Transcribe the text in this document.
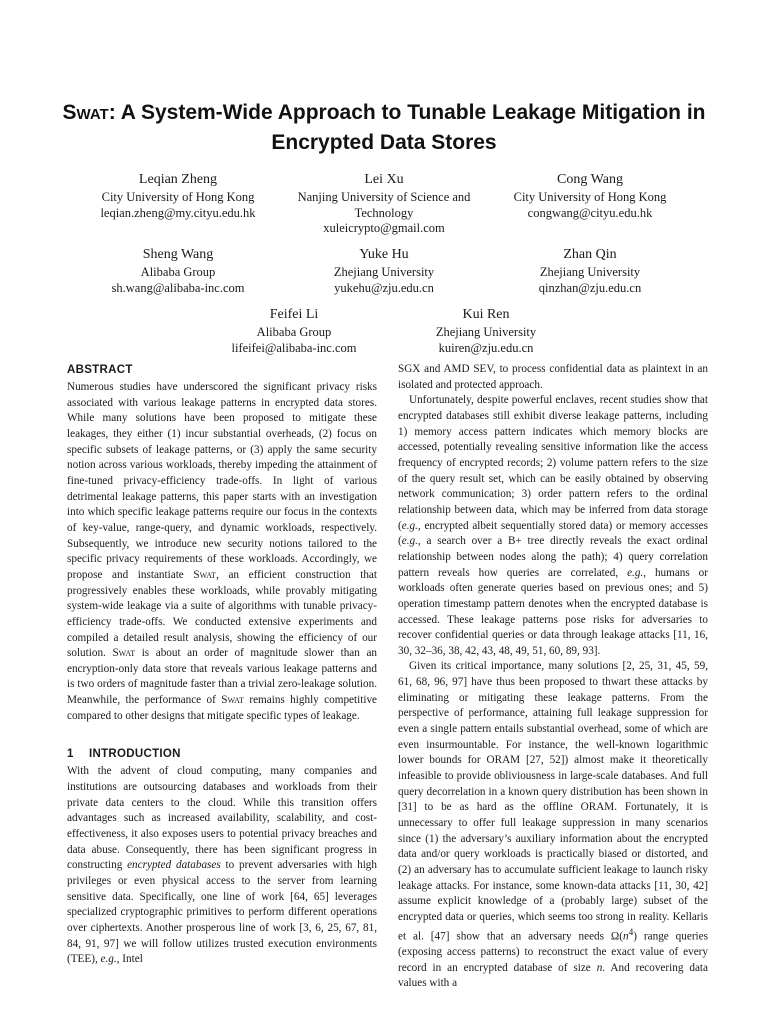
Swat: A System-Wide Approach to Tunable Leakage Mitigation in
Encrypted Data Stores
Leqian Zheng
City University of Hong Kong
leqian.zheng@my.cityu.edu.hk
Lei Xu
Nanjing University of Science and Technology
xuleicrypto@gmail.com
Cong Wang
City University of Hong Kong
congwang@cityu.edu.hk
Sheng Wang
Alibaba Group
sh.wang@alibaba-inc.com
Yuke Hu
Zhejiang University
yukehu@zju.edu.cn
Zhan Qin
Zhejiang University
qinzhan@zju.edu.cn
Feifei Li
Alibaba Group
lifeifei@alibaba-inc.com
Kui Ren
Zhejiang University
kuiren@zju.edu.cn
ABSTRACT

Numerous studies have underscored the significant privacy risks associated with various leakage patterns in encrypted data stores. While many solutions have been proposed to mitigate these leakages, they either (1) incur substantial overheads, (2) focus on specific subsets of leakage patterns, or (3) apply the same security notion across various workloads, thereby impeding the attainment of fine-tuned privacy-efficiency trade-offs. In light of various detrimental leakage patterns, this paper starts with an investigation into which specific leakage patterns require our focus in the contexts of key-value, range-query, and dynamic workloads, respectively. Subsequently, we introduce new security notions tailored to the specific privacy requirements of these workloads. Accordingly, we propose and instantiate Swat, an efficient construction that progressively enables these workloads, while provably mitigating system-wide leakage via a suite of algorithms with tunable privacy-efficiency trade-offs. We conducted extensive experiments and compiled a detailed result analysis, showing the efficiency of our solution. Swat is about an order of magnitude slower than an encryption-only data store that reveals various leakage patterns and is two orders of magnitude faster than a trivial zero-leakage solution. Meanwhile, the performance of Swat remains highly competitive compared to other designs that mitigate specific types of leakage.

1 INTRODUCTION

With the advent of cloud computing, many companies and institutions are outsourcing databases and workloads from their private data centers to the cloud. While this transition offers advantages such as increased availability, scalability, and cost-effectiveness, it also exposes users to potential privacy breaches and data abuse. Consequently, there has been significant progress in constructing encrypted databases to prevent adversaries with high privileges or even physical access to the server from learning sensitive data. Specifically, one line of work [64, 65] leverages specialized cryptographic primitives to perform different operations over ciphertexts. Another prosperous line of work [3, 6, 25, 67, 81, 84, 91, 97] we will follow utilizes trusted execution environments (TEE), e.g., Intel

SGX and AMD SEV, to process confidential data as plaintext in an isolated and protected approach.

Unfortunately, despite powerful enclaves, recent studies show that encrypted databases still exhibit diverse leakage patterns, including 1) memory access pattern indicates which memory blocks are accessed, potentially revealing sensitive information like the access frequency of encrypted records; 2) volume pattern refers to the size of the query result set, which can be easily obtained by observing network communication; 3) order pattern refers to the ordinal relationship between data, which may be inferred from data storage (e.g., encrypted albeit sequentially stored data) or memory accesses (e.g., a search over a B+ tree directly reveals the exact ordinal relationship between nodes along the path); 4) query correlation pattern reveals how queries are correlated, e.g., humans or workloads often generate queries based on previous ones; and 5) operation timestamp pattern denotes when the encrypted database is accessed. These leakage patterns pose risks for adversaries to recover confidential queries or data through leakage attacks [11, 16, 30, 32–36, 38, 42, 43, 48, 49, 51, 60, 89, 93].

Given its critical importance, many solutions [2, 25, 31, 45, 59, 61, 68, 96, 97] have thus been proposed to thwart these attacks by eliminating or mitigating these leakage patterns. From the perspective of performance, attaining full leakage suppression for even a single pattern entails substantial overhead, some of which are even insurmountable. For instance, the well-known logarithmic lower bounds for ORAM [27, 52]) almost make it theoretically infeasible to provide obliviousness in large-scale databases. And full query decorrelation in a known query distribution has been shown in [31] to be as hard as the offline ORAM. Fortunately, it is unnecessary to offer full leakage suppression in many scenarios since (1) the adversary’s auxiliary information about the encrypted data and/or query workloads is practically biased or distorted, and (2) an adversary has to accumulate sufficient leakage to launch risky leakage attacks. For instance, some known-data attacks [11, 30, 42] assume explicit knowledge of a (probably large) subset of the encrypted data or queries, which seems too strong in reality. Kellaris et al. [47] show that an adversary needs $\Omega(n^4)$ range queries (exposing access patterns) to reconstruct the exact value of every record in an encrypted database of size n. And recovering data values with a
